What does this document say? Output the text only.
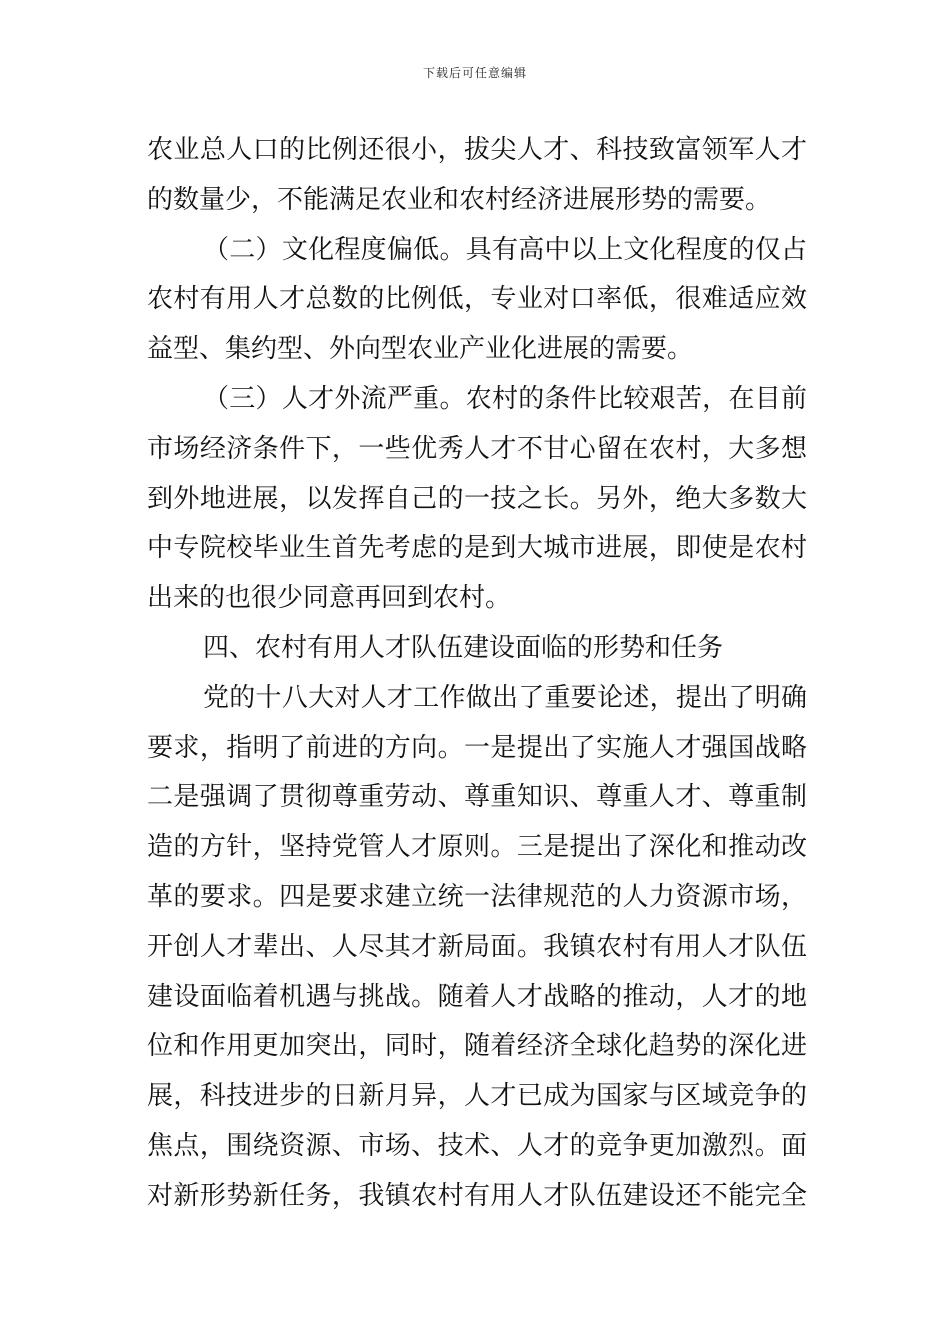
下载后可任意编辑
农业总人口的比例还很小，拔尖人才、科技致富领军人才
的数量少，不能满足农业和农村经济进展形势的需要。
（二）文化程度偏低。具有高中以上文化程度的仅占
农村有用人才总数的比例低，专业对口率低，很难适应效
益型、集约型、外向型农业产业化进展的需要。
（三）人才外流严重。农村的条件比较艰苦，在目前
市场经济条件下，一些优秀人才不甘心留在农村，大多想
到外地进展，以发挥自己的一技之长。另外，绝大多数大
中专院校毕业生首先考虑的是到大城市进展，即使是农村
出来的也很少同意再回到农村。
四、农村有用人才队伍建设面临的形势和任务
党的十八大对人才工作做出了重要论述，提出了明确
要求，指明了前进的方向。一是提出了实施人才强国战略
二是强调了贯彻尊重劳动、尊重知识、尊重人才、尊重制
造的方针，坚持党管人才原则。三是提出了深化和推动改
革的要求。四是要求建立统一法律规范的人力资源市场，
开创人才辈出、人尽其才新局面。我镇农村有用人才队伍
建设面临着机遇与挑战。随着人才战略的推动，人才的地
位和作用更加突出，同时，随着经济全球化趋势的深化进
展，科技进步的日新月异，人才已成为国家与区域竞争的
焦点，围绕资源、市场、技术、人才的竞争更加激烈。面
对新形势新任务，我镇农村有用人才队伍建设还不能完全
